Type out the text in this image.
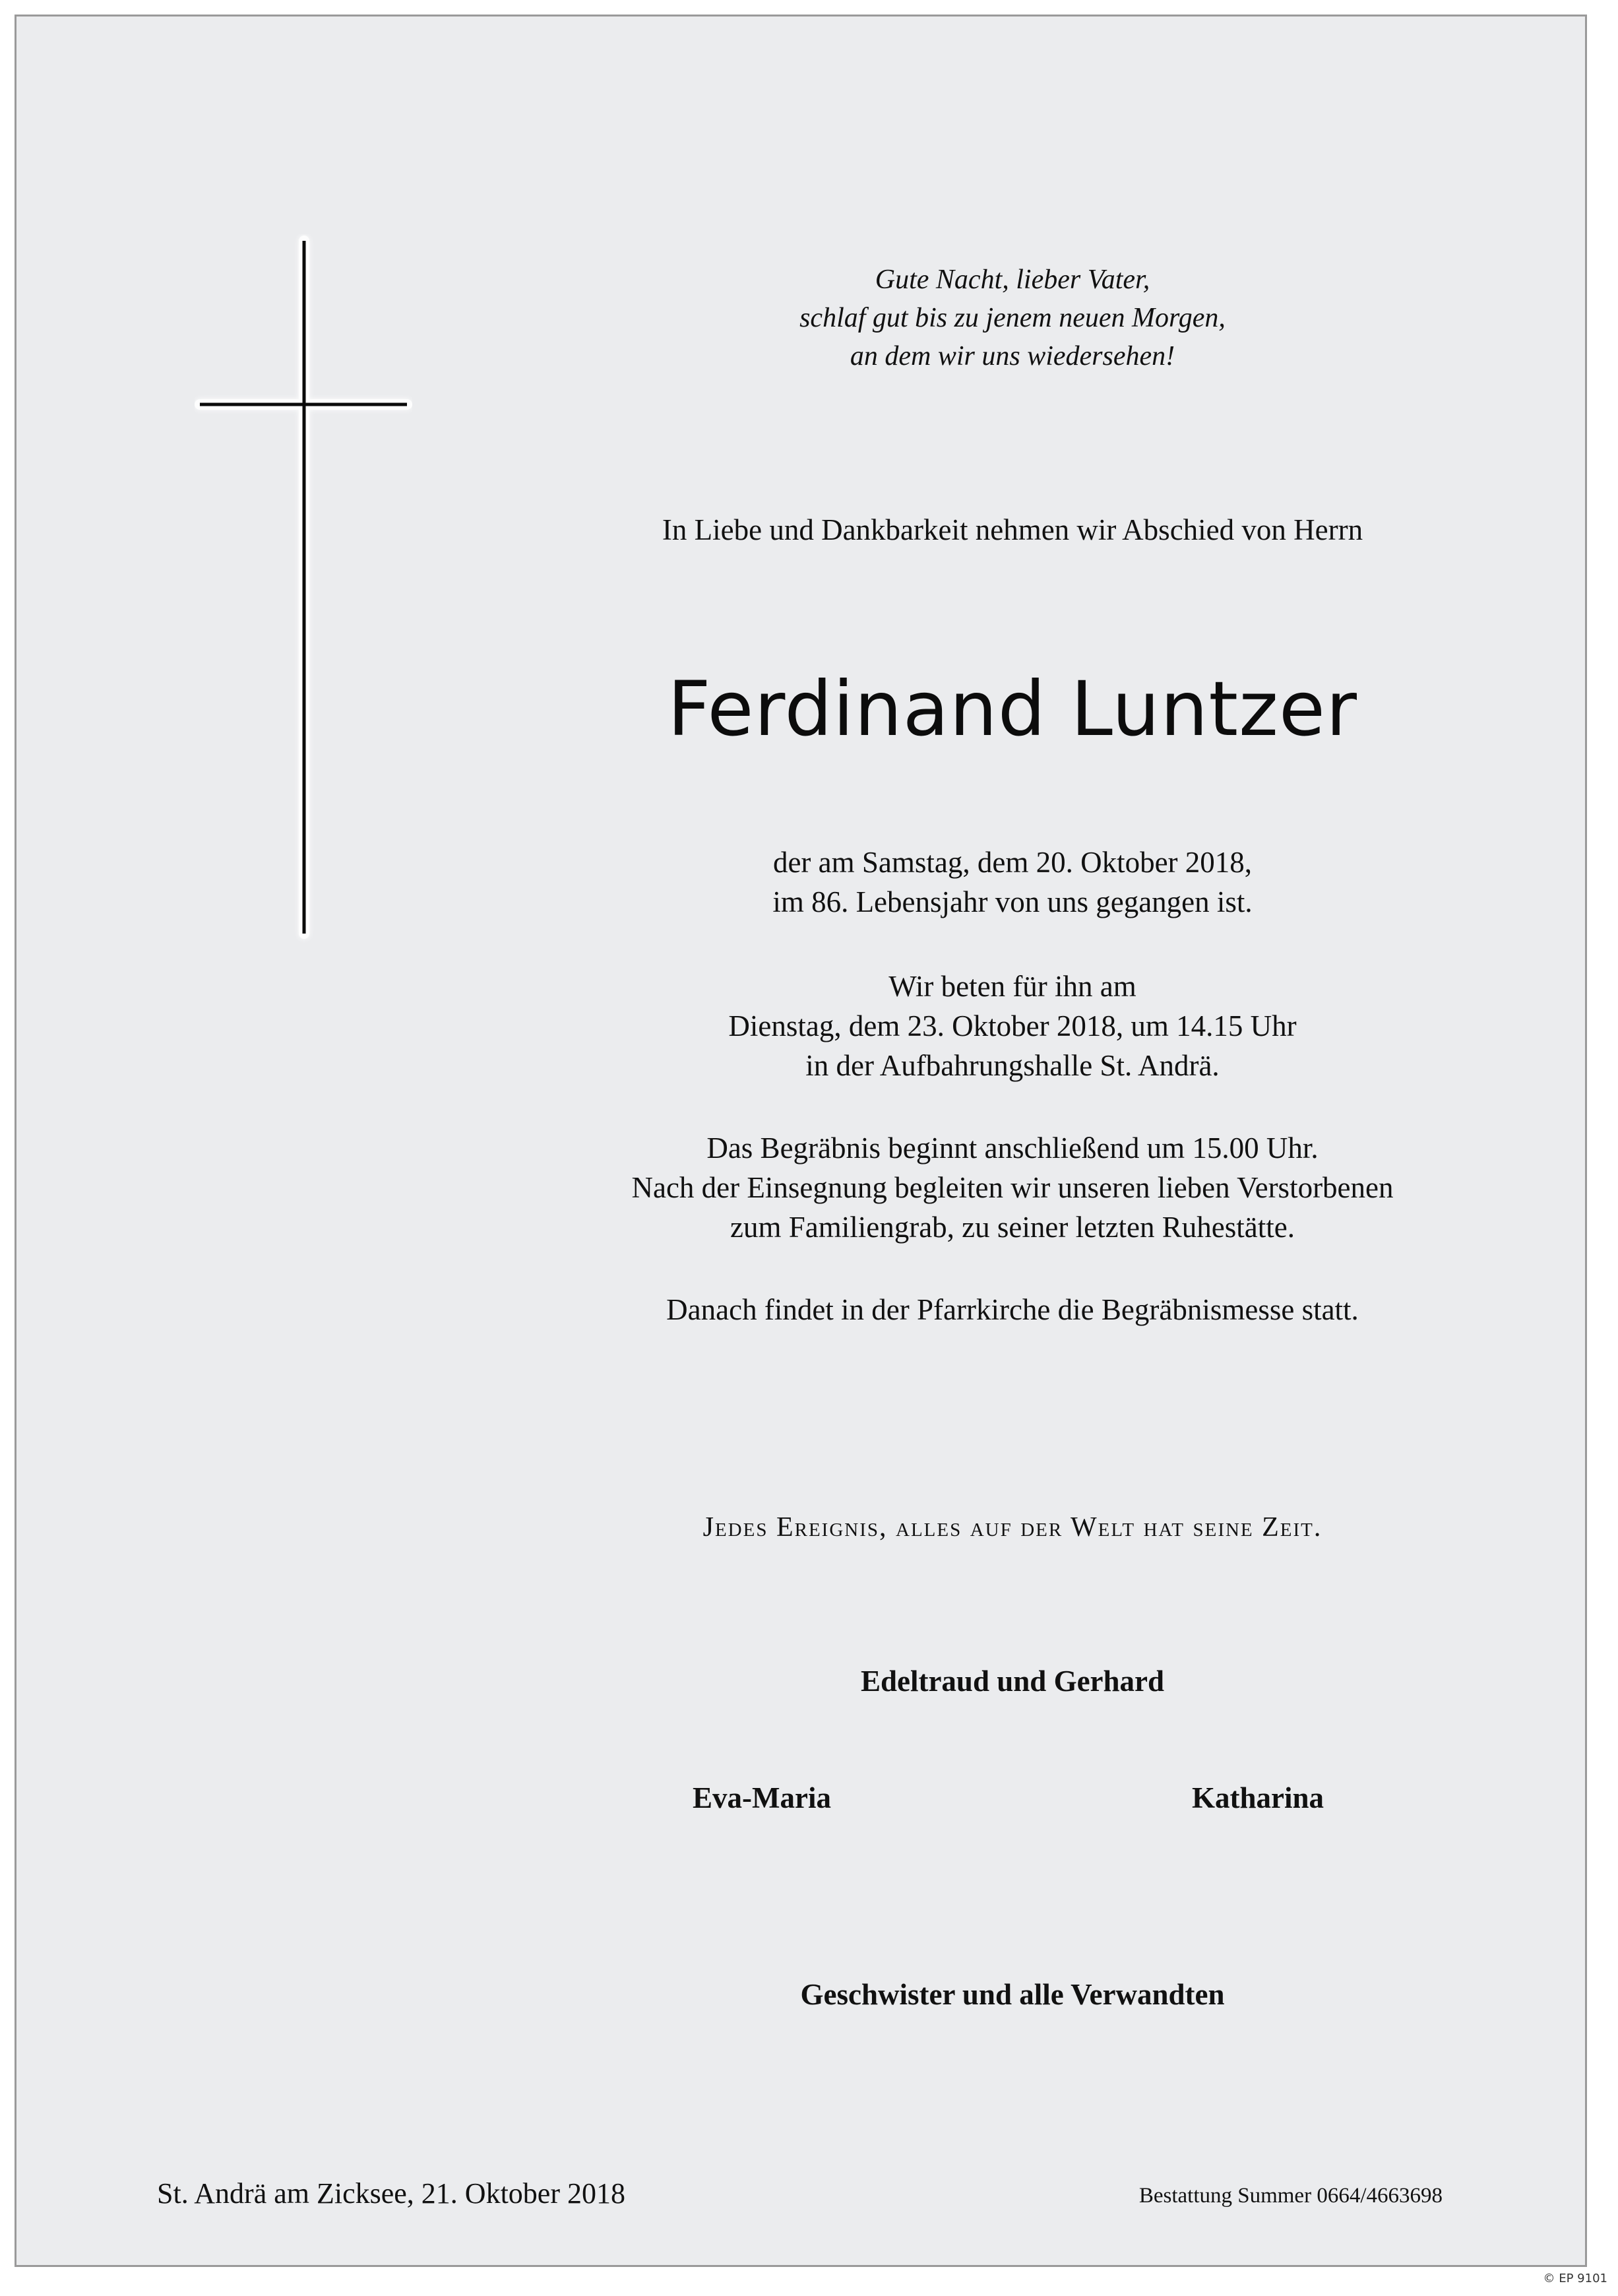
Gute Nacht, lieber Vater,
schlaf gut bis zu jenem neuen Morgen,
an dem wir uns wiedersehen!
In Liebe und Dankbarkeit nehmen wir Abschied von Herrn
Ferdinand Luntzer
der am Samstag, dem 20. Oktober 2018,
im 86. Lebensjahr von uns gegangen ist.
Wir beten für ihn am
Dienstag, dem 23. Oktober 2018, um 14.15 Uhr
in der Aufbahrungshalle St. Andrä.
Das Begräbnis beginnt anschließend um 15.00 Uhr.
Nach der Einsegnung begleiten wir unseren lieben Verstorbenen
zum Familiengrab, zu seiner letzten Ruhestätte.
Danach findet in der Pfarrkirche die Begräbnismesse statt.
Jedes Ereignis, alles auf der Welt hat seine Zeit.
Edeltraud und Gerhard
Eva-Maria	Katharina
Geschwister und alle Verwandten
St. Andrä am Zicksee, 21. Oktober 2018	Bestattung Summer 0664/4663698
© EP 9101
